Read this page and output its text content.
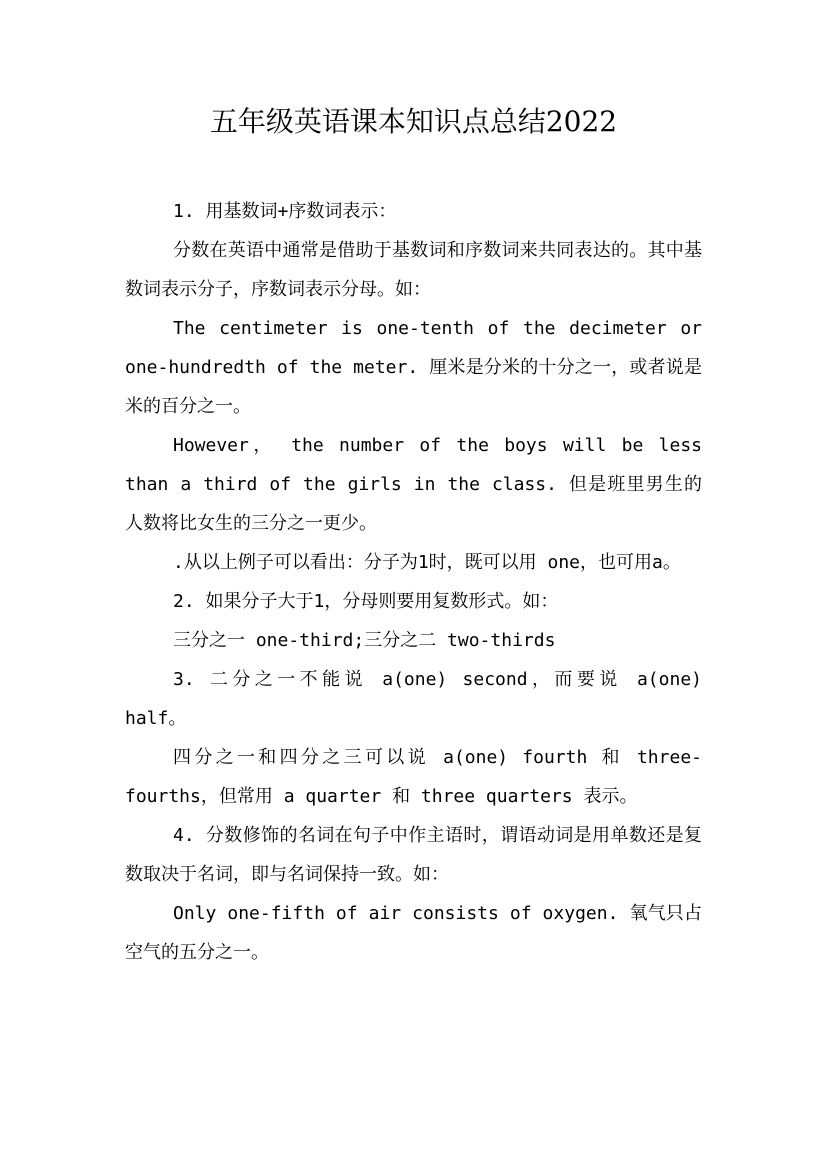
五年级英语课本知识点总结2022

1. 用基数词+序数词表示：

分数在英语中通常是借助于基数词和序数词来共同表达的。其中基数词表示分子，序数词表示分母。如：

The centimeter is one-tenth of the decimeter or one-hundredth of the meter. 厘米是分米的十分之一，或者说是米的百分之一。

However， the number of the boys will be less than a third of the girls in the class. 但是班里男生的人数将比女生的三分之一更少。

.从以上例子可以看出：分子为1时，既可以用 one，也可用a。

2. 如果分子大于1，分母则要用复数形式。如：

三分之一 one-third;三分之二 two-thirds

3. 二分之一不能说 a(one) second，而要说 a(one) half。

四分之一和四分之三可以说 a(one) fourth 和 three-fourths，但常用 a quarter 和 three quarters 表示。

4. 分数修饰的名词在句子中作主语时，谓语动词是用单数还是复数取决于名词，即与名词保持一致。如：

Only one-fifth of air consists of oxygen. 氧气只占空气的五分之一。
